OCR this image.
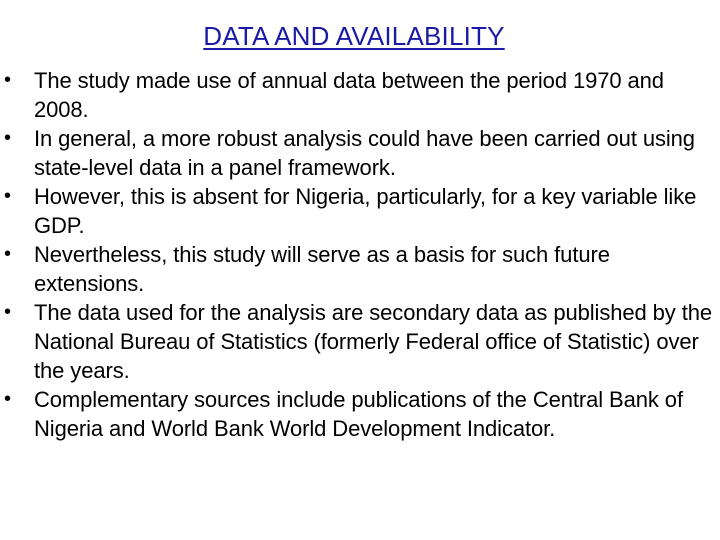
DATA AND AVAILABILITY
•	The study made use of annual data between the period 1970 and 2008.
•	In general, a more robust analysis could have been carried out using state-level data in a panel framework.
•	However, this is absent for Nigeria, particularly, for a key variable like GDP.
•	Nevertheless, this study will serve as a basis for such future extensions.
•	The data used for the analysis are secondary data as published by the National Bureau of Statistics (formerly Federal office of Statistic) over the years.
•	Complementary sources include publications of the Central Bank of Nigeria and World Bank World Development Indicator.
